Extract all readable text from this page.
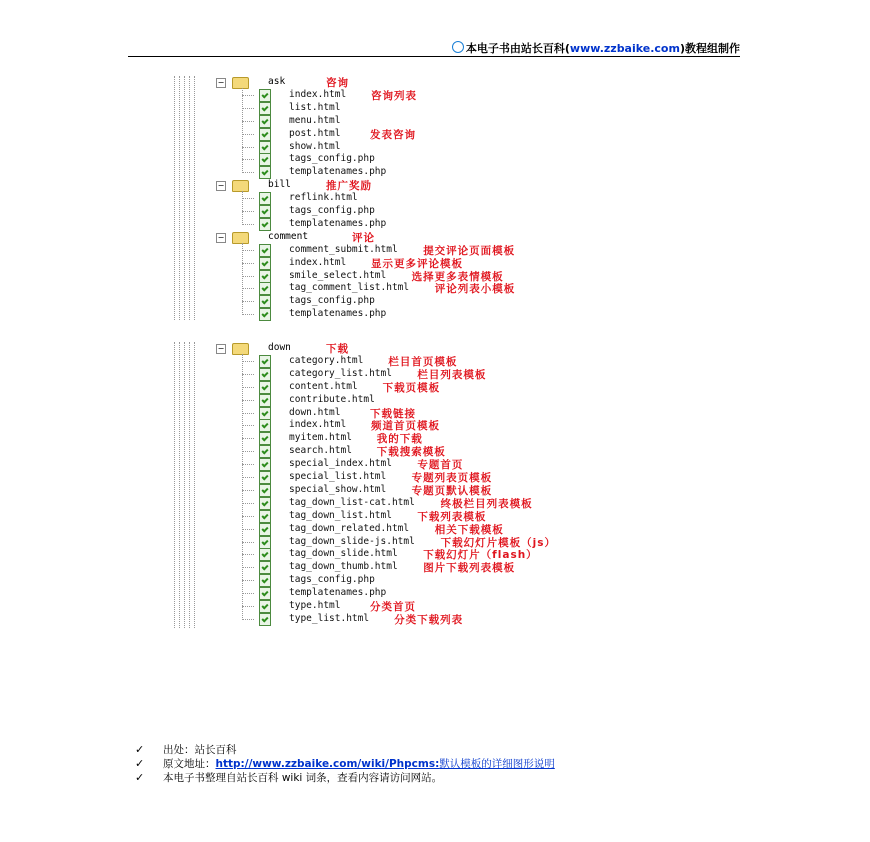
本电子书由站长百科(www.zzbaike.com)教程组制作
−	ask	咨询
index.html 咨询列表
list.html
menu.html
post.html	发表咨询
show.html
tags_config.php
templatenames.php
−	bill	推广奖励
reflink.html
tags_config.php
templatenames.php
−	comment	评论
comment_submit.html 提交评论页面模板
index.html 显示更多评论模板
smile_select.html 选择更多表情模板
tag_comment_list.html 评论列表小模板
tags_config.php
templatenames.php
−	down	下载
category.html 栏目首页模板
category_list.html 栏目列表模板
content.html 下载页模板
contribute.html
down.html	下载链接
index.html 频道首页模板
myitem.html 我的下载
search.html 下载搜索模板
special_index.html 专题首页
special_list.html 专题列表页模板
special_show.html 专题页默认模板
tag_down_list-cat.html 终极栏目列表模板
tag_down_list.html 下载列表模板
tag_down_related.html 相关下载模板
tag_down_slide-js.html 下载幻灯片模板（js）
tag_down_slide.html 下载幻灯片（flash）
tag_down_thumb.html 图片下载列表模板
tags_config.php
templatenames.php
type.html	分类首页
type_list.html 分类下载列表
✓ 出处：站长百科
✓ 原文地址：http://www.zzbaike.com/wiki/Phpcms:默认模板的详细图形说明
✓ 本电子书整理自站长百科 wiki 词条，查看内容请访问网站。
